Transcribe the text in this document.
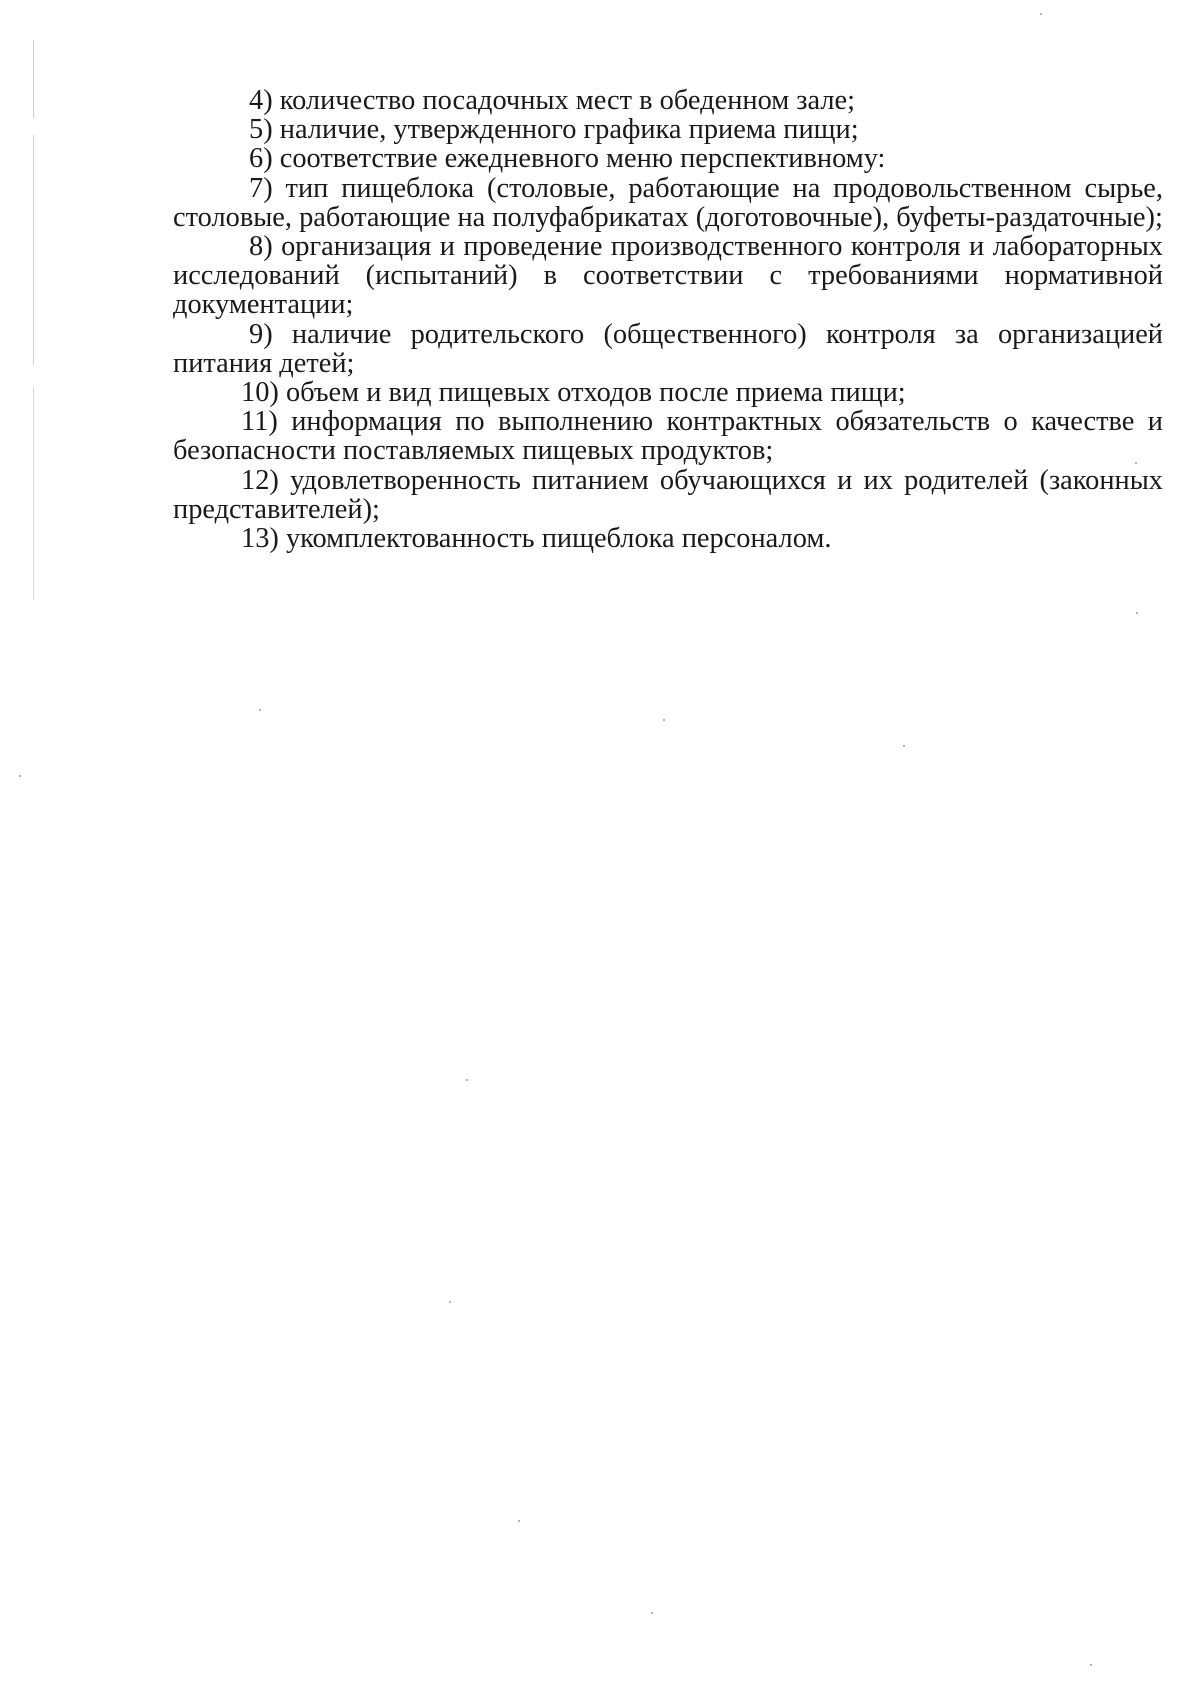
4) количество посадочных мест в обеденном зале;

5) наличие, утвержденного графика приема пищи;

6) соответствие ежедневного меню перспективному:

7) тип пищеблока (столовые, работающие на продовольственном сырье, столовые, работающие на полуфабрикатах (доготовочные), буфеты-раздаточные);

8) организация и проведение производственного контроля и лабораторных исследований (испытаний) в соответствии с требованиями нормативной документации;

9) наличие родительского (общественного) контроля за организацией питания детей;

10) объем и вид пищевых отходов после приема пищи;

11) информация по выполнению контрактных обязательств о качестве и безопасности поставляемых пищевых продуктов;

12) удовлетворенность питанием обучающихся и их родителей (законных представителей);

13) укомплектованность пищеблока персоналом.
